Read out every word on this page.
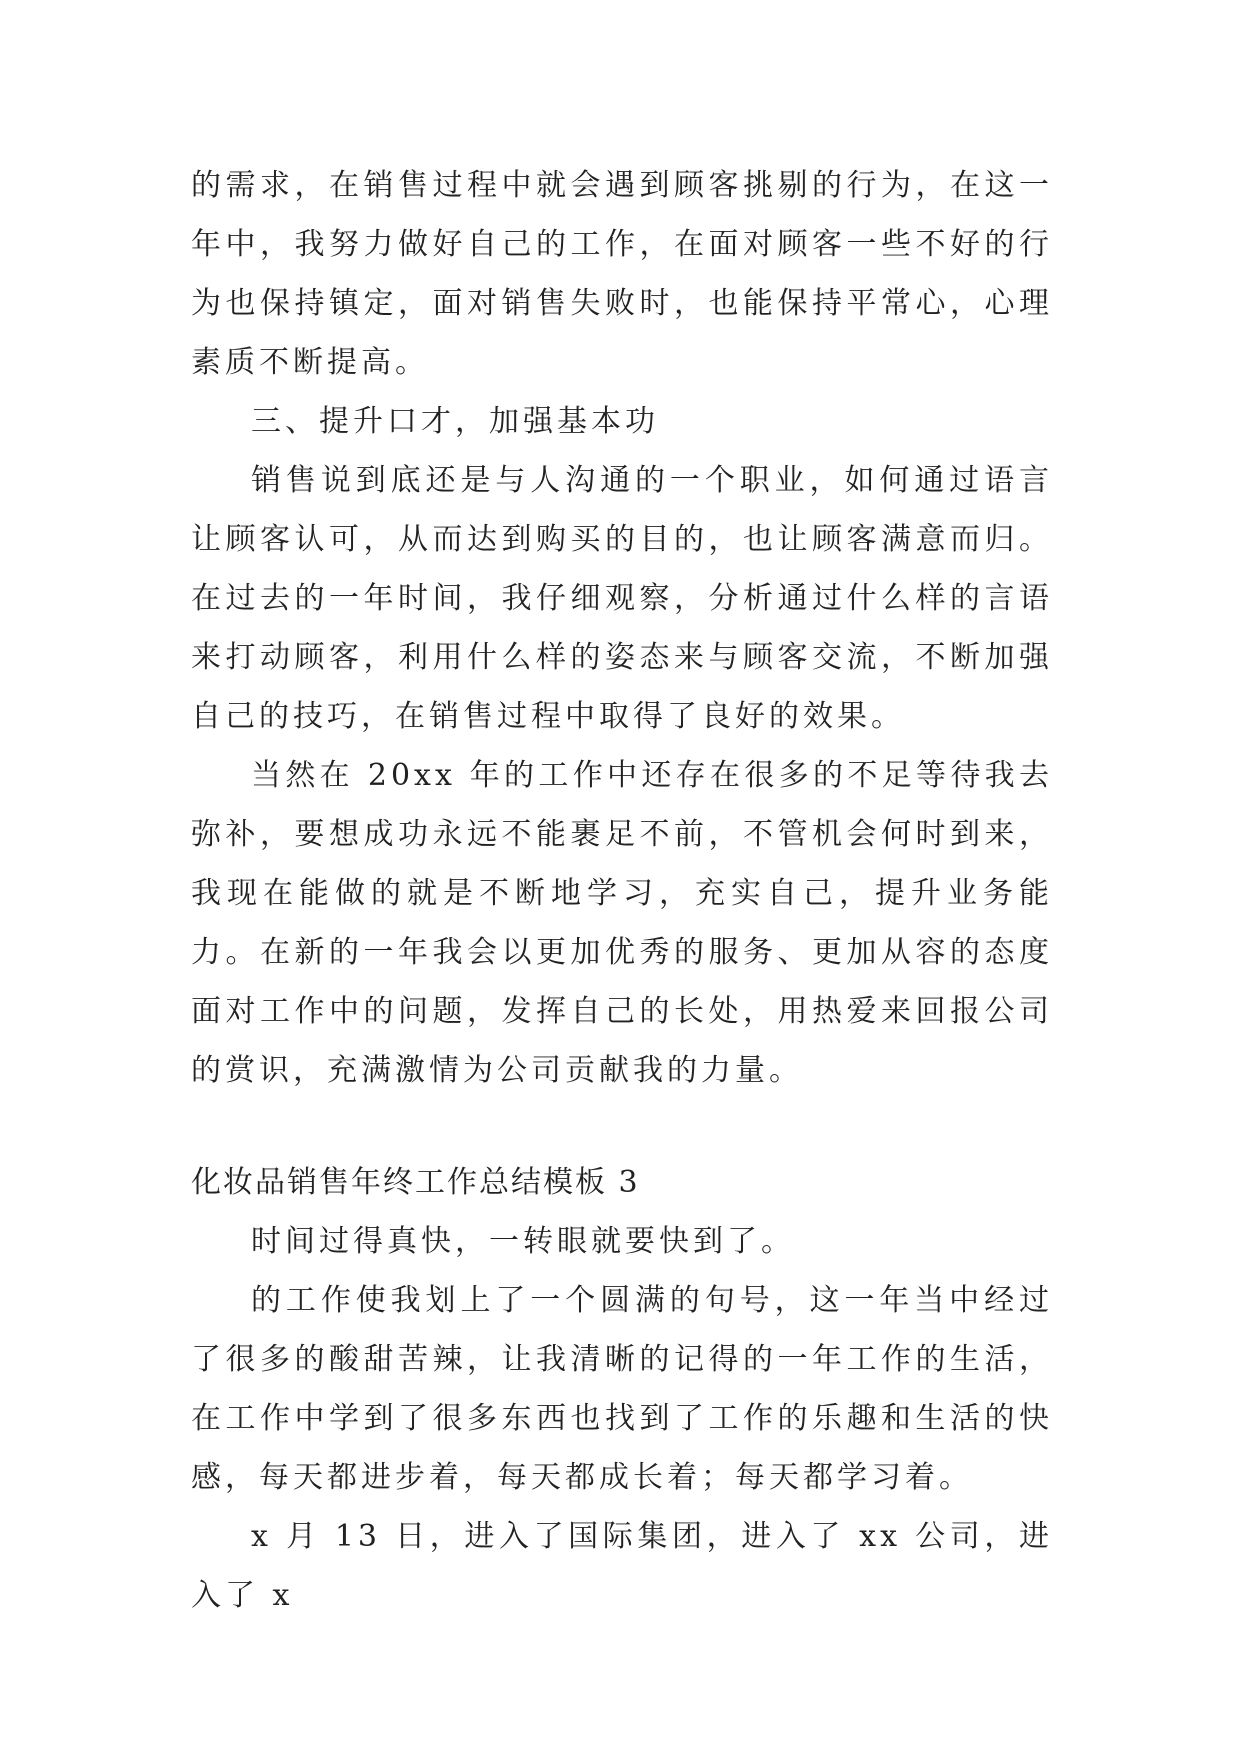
的需求，在销售过程中就会遇到顾客挑剔的行为，在这一年中，我努力做好自己的工作，在面对顾客一些不好的行为也保持镇定，面对销售失败时，也能保持平常心，心理素质不断提高。

三、提升口才，加强基本功

销售说到底还是与人沟通的一个职业，如何通过语言让顾客认可，从而达到购买的目的，也让顾客满意而归。在过去的一年时间，我仔细观察，分析通过什么样的言语来打动顾客，利用什么样的姿态来与顾客交流，不断加强自己的技巧，在销售过程中取得了良好的效果。

当然在 20xx 年的工作中还存在很多的不足等待我去弥补，要想成功永远不能裹足不前，不管机会何时到来，我现在能做的就是不断地学习，充实自己，提升业务能力。在新的一年我会以更加优秀的服务、更加从容的态度面对工作中的问题，发挥自己的长处，用热爱来回报公司的赏识，充满激情为公司贡献我的力量。

化妆品销售年终工作总结模板 3

时间过得真快，一转眼就要快到了。

的工作使我划上了一个圆满的句号，这一年当中经过了很多的酸甜苦辣，让我清晰的记得的一年工作的生活，在工作中学到了很多东西也找到了工作的乐趣和生活的快感，每天都进步着，每天都成长着；每天都学习着。

x 月 13 日，进入了国际集团，进入了 xx 公司，进入了 x
